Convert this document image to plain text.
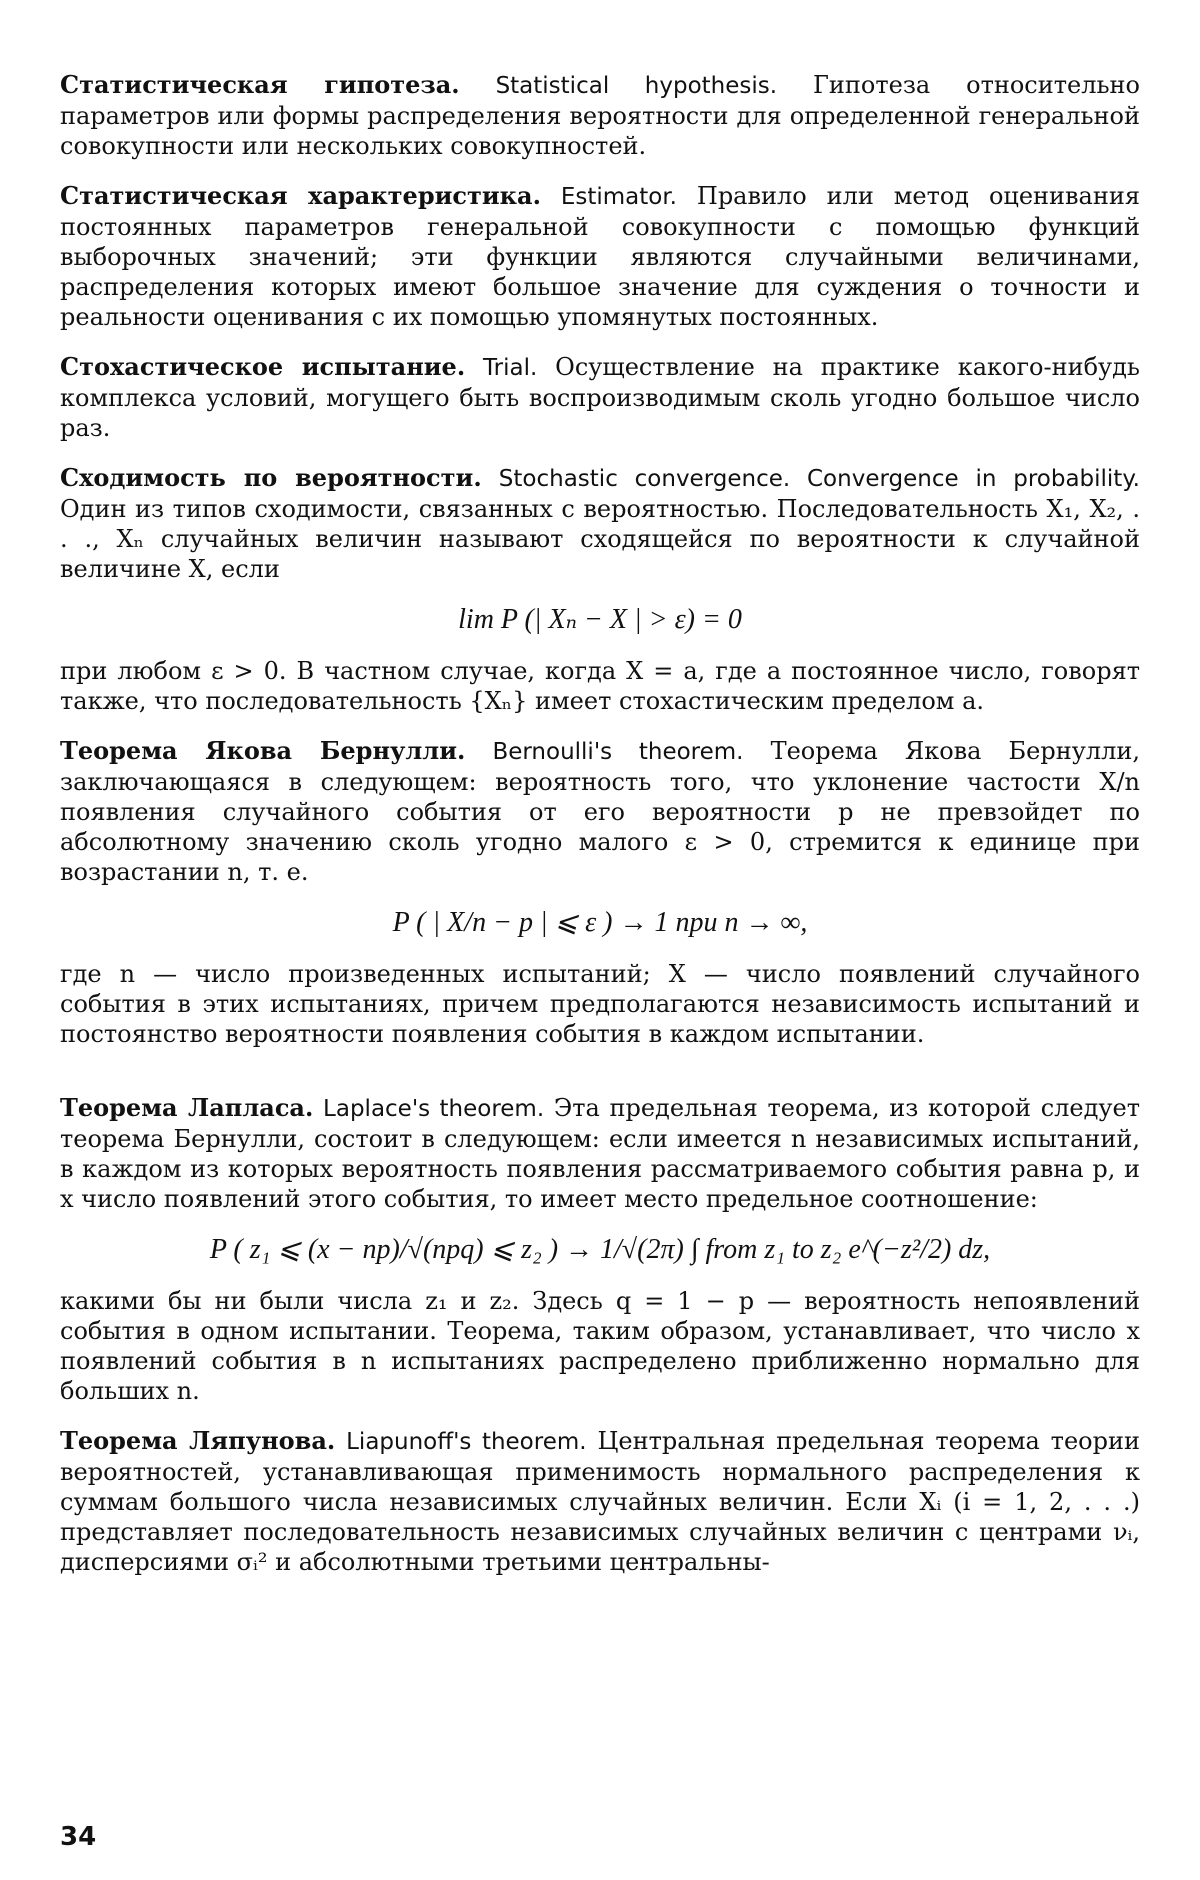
Статистическая гипотеза. Statistical hypothesis. Гипотеза относительно параметров или формы распределения вероятности для определенной генеральной совокупности или нескольких совокупностей.

Статистическая характеристика. Estimator. Правило или метод оценивания постоянных параметров генеральной совокупности с помощью функций выборочных значений; эти функции являются случайными величинами, распределения которых имеют большое значение для суждения о точности и реальности оценивания с их помощью упомянутых постоянных.

Стохастическое испытание. Trial. Осуществление на практике какого-нибудь комплекса условий, могущего быть воспроизводимым сколь угодно большое число раз.

Сходимость по вероятности. Stochastic convergence. Convergence in probability. Один из типов сходимости, связанных с вероятностью. Последовательность X₁, X₂, . . ., Xₙ случайных величин называют сходящейся по вероятности к случайной величине X, если

lim P (| Xₙ − X | > ε) = 0

при любом ε > 0. В частном случае, когда X = a, где a постоянное число, говорят также, что последовательность {Xₙ} имеет стохастическим пределом a.

Теорема Якова Бернулли. Bernoulli's theorem. Теорема Якова Бернулли, заключающаяся в следующем: вероятность того, что уклонение частости X/n появления случайного события от его вероятности p не превзойдет по абсолютному значению сколь угодно малого ε > 0, стремится к единице при возрастании n, т. е.

P ( | X/n − p | ⩽ ε ) → 1 при n → ∞,

где n — число произведенных испытаний; X — число появлений случайного события в этих испытаниях, причем предполагаются независимость испытаний и постоянство вероятности появления события в каждом испытании.

Теорема Лапласа. Laplace's theorem. Эта предельная теорема, из которой следует теорема Бернулли, состоит в следующем: если имеется n независимых испытаний, в каждом из которых вероятность появления рассматриваемого события равна p, и x число появлений этого события, то имеет место предельное соотношение:

P ( z₁ ⩽ (x − np)/√(npq) ⩽ z₂ ) → 1/√(2π) ∫ from z₁ to z₂ e^(−z²/2) dz,

какими бы ни были числа z₁ и z₂. Здесь q = 1 − p — вероятность непоявлений события в одном испытании. Теорема, таким образом, устанавливает, что число x появлений события в n испытаниях распределено приближенно нормально для больших n.

Теорема Ляпунова. Liapunoff's theorem. Центральная предельная теорема теории вероятностей, устанавливающая применимость нормального распределения к суммам большого числа независимых случайных величин. Если Xᵢ (i = 1, 2, . . .) представляет последовательность независимых случайных величин с центрами νᵢ, дисперсиями σᵢ² и абсолютными третьими центральны-

34
